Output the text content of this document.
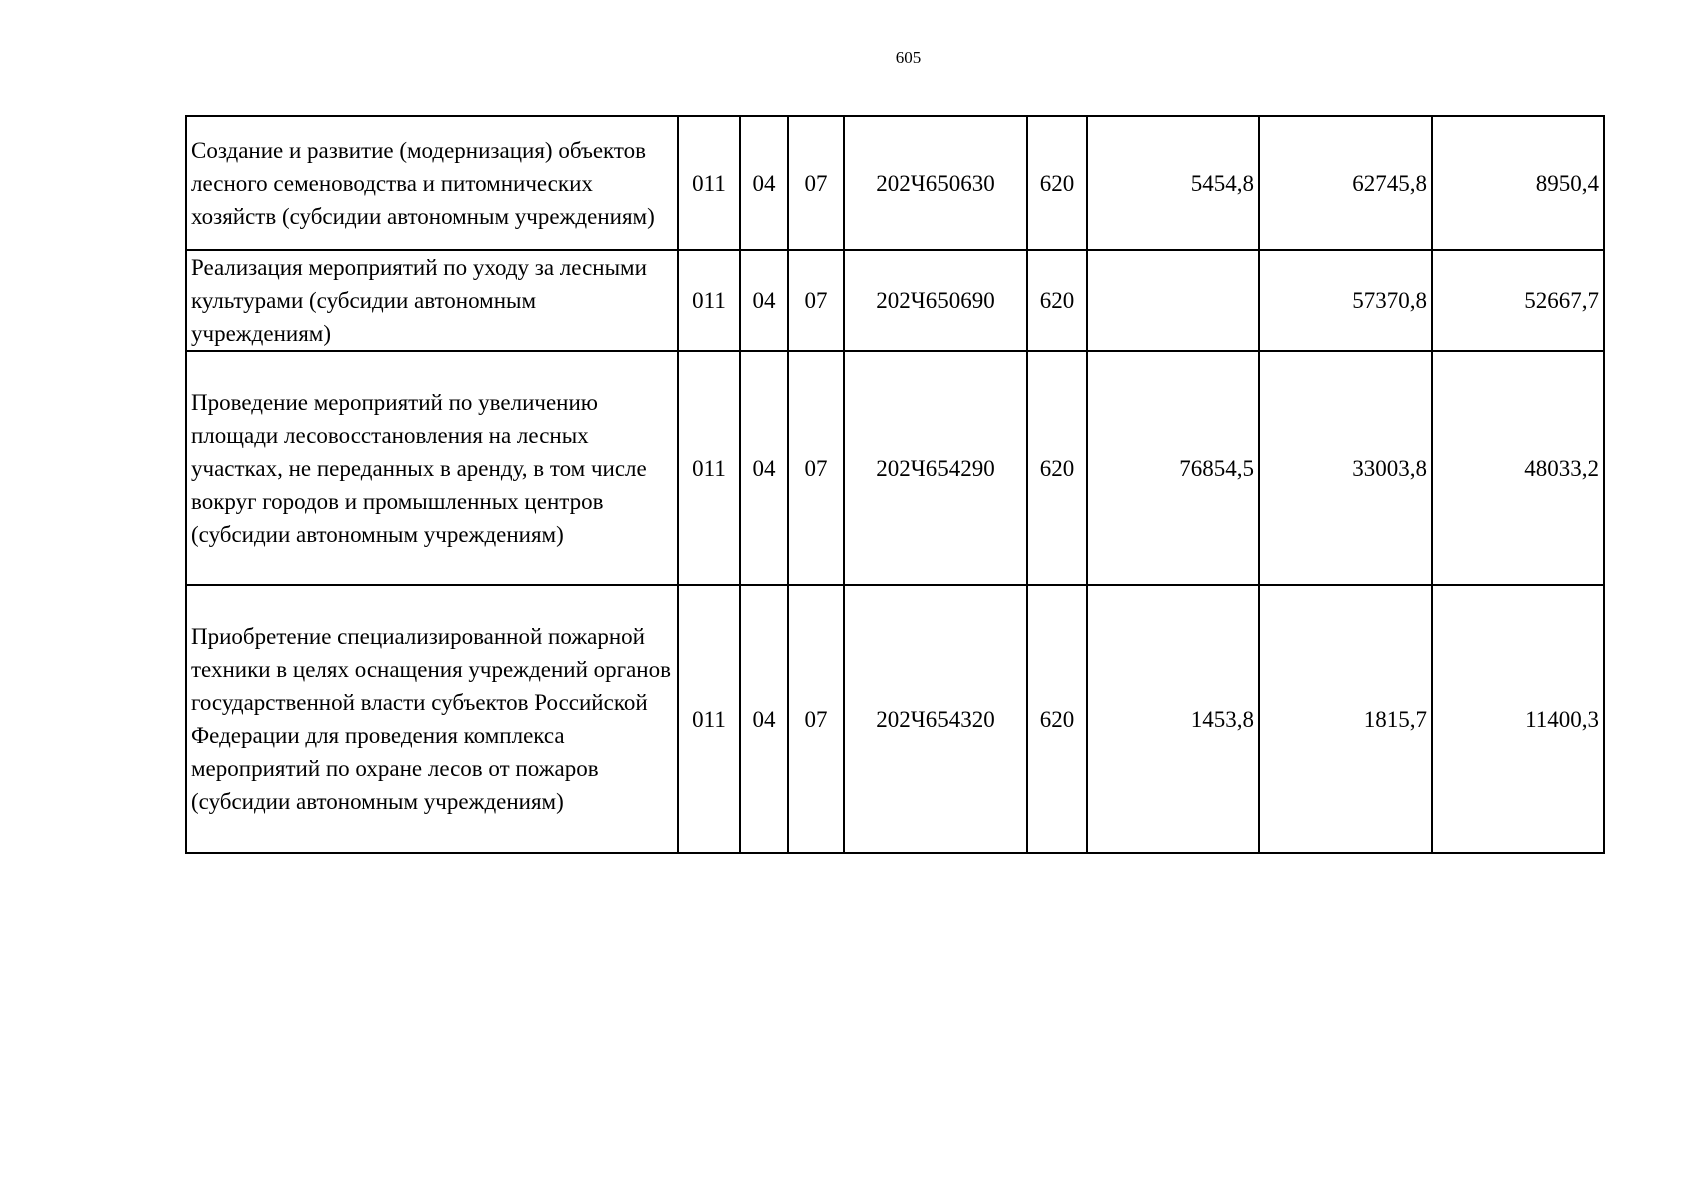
605
Создание и развитие (модернизация) объектов лесного семеноводства и питомнических хозяйств (субсидии автономным учреждениям)	011	04	07	202Ч650630	620	5454,8	62745,8	8950,4
Реализация мероприятий по уходу за лесными культурами (субсидии автономным учреждениям)	011	04	07	202Ч650690	620		57370,8	52667,7
Проведение мероприятий по увеличению площади лесовосстановления на лесных участках, не переданных в аренду, в том числе вокруг городов и промышленных центров (субсидии автономным учреждениям)	011	04	07	202Ч654290	620	76854,5	33003,8	48033,2
Приобретение специализированной пожарной техники в целях оснащения учреждений органов государственной власти субъектов Российской Федерации для проведения комплекса мероприятий по охране лесов от пожаров (субсидии автономным учреждениям)	011	04	07	202Ч654320	620	1453,8	1815,7	11400,3
